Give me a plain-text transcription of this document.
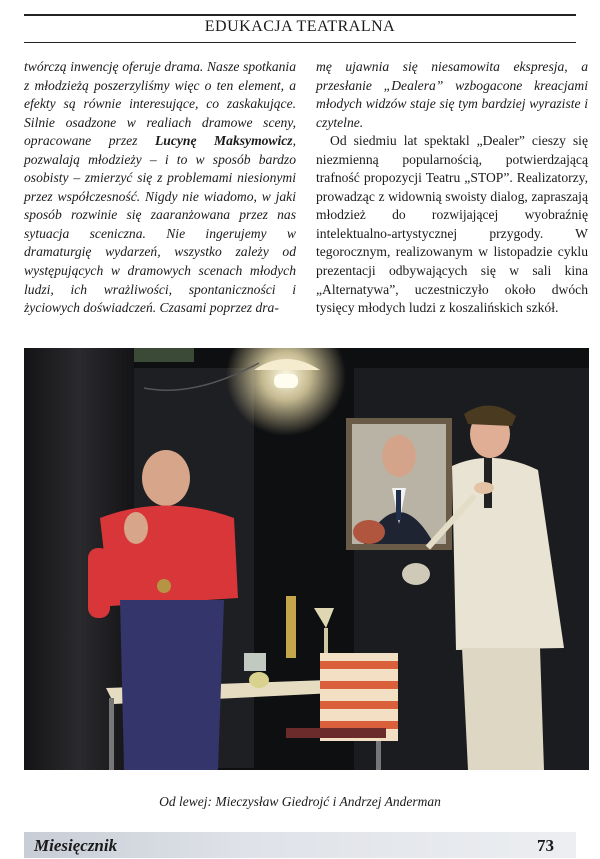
EDUKACJA TEATRALNA

twórczą inwencję oferuje drama. Nasze spotkania z młodzieżą poszerzyliśmy więc o ten element, a efekty są równie interesujące, co zaskakujące. Silnie osadzone w realiach dramowe sceny, opracowane przez Lucynę Maksymowicz, pozwalają młodzieży – i to w sposób bardzo osobisty – zmierzyć się z problemami niesionymi przez współczesność. Nigdy nie wiadomo, w jaki sposób rozwinie się zaaranżowana przez nas sytuacja sceniczna. Nie ingerujemy w dramaturgię wydarzeń, wszystko zależy od występujących w dramowych scenach młodych ludzi, ich wrażliwości, spontaniczności i życiowych doświadczeń. Czasami poprzez dra-

mę ujawnia się niesamowita ekspresja, a przesłanie „Dealera” wzbogacone kreacjami młodych widzów staje się tym bardziej wyraziste i czytelne.

Od siedmiu lat spektakl „Dealer” cieszy się niezmienną popularnością, potwierdzającą trafność propozycji Teatru „STOP”. Realizatorzy, prowadząc z widownią swoisty dialog, zapraszają młodzież do rozwijającej wyobraźnię intelektualno-artystycznej przygody. W tegorocznym, realizowanym w listopadzie cyklu prezentacji odbywających się w sali kina „Alternatywa”, uczestniczyło około dwóch tysięcy młodych ludzi z koszalińskich szkół.

Od lewej: Mieczysław Giedrojć i Andrzej Anderman
Miesięcznik	73
